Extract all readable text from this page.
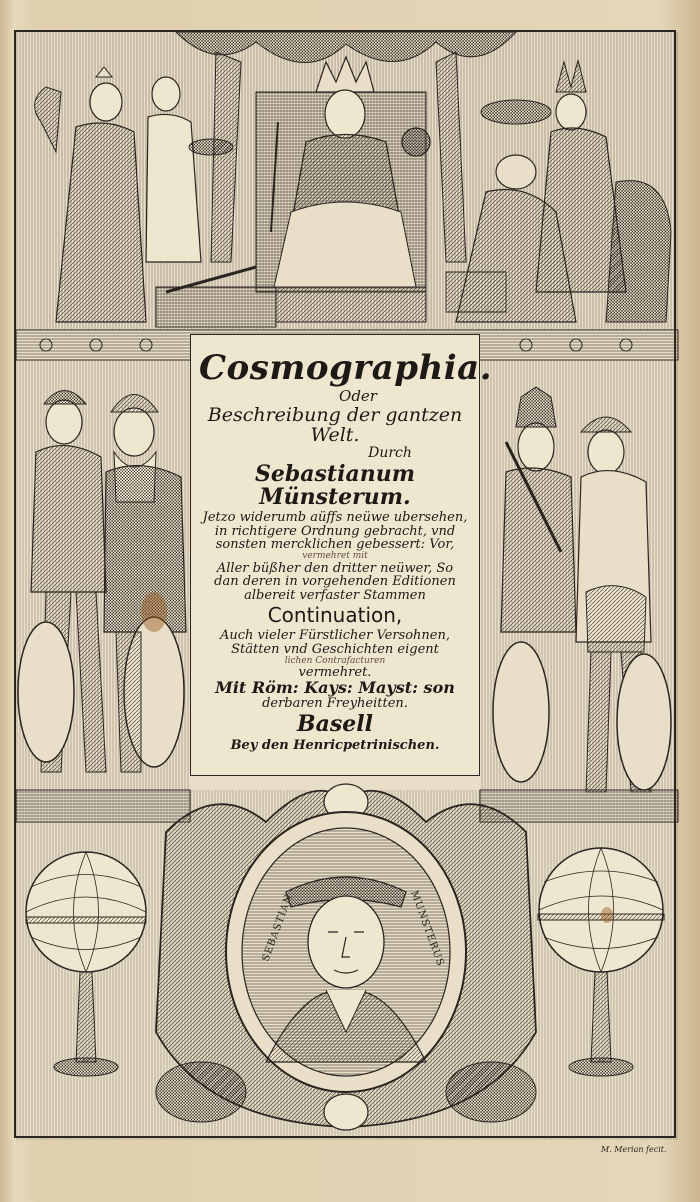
SEBASTIAN	MUNSTERUS
Cosmographia.
Oder
Beschreibung der gantzen Welt.
Durch
Sebastianum Münsterum.
Jetzo widerumb aüffs neüwe ubersehen,
in richtigere Ordnung gebracht, vnd
sonsten mercklichen gebessert: Vor,
vermehret mit
Aller büßher den dritter neüwer, So
dan deren in vorgehenden Editionen
albereit verfaster Stammen
Continuation,
Auch vieler Fürstlicher Versohnen,
Stätten vnd Geschichten eigent
lichen Contrafacturen
vermehret.
Mit Röm: Kays: Mayst: son
derbaren Freyheitten.
Basell
Bey den Henricpetrinischen.
M. Merian fecit.
